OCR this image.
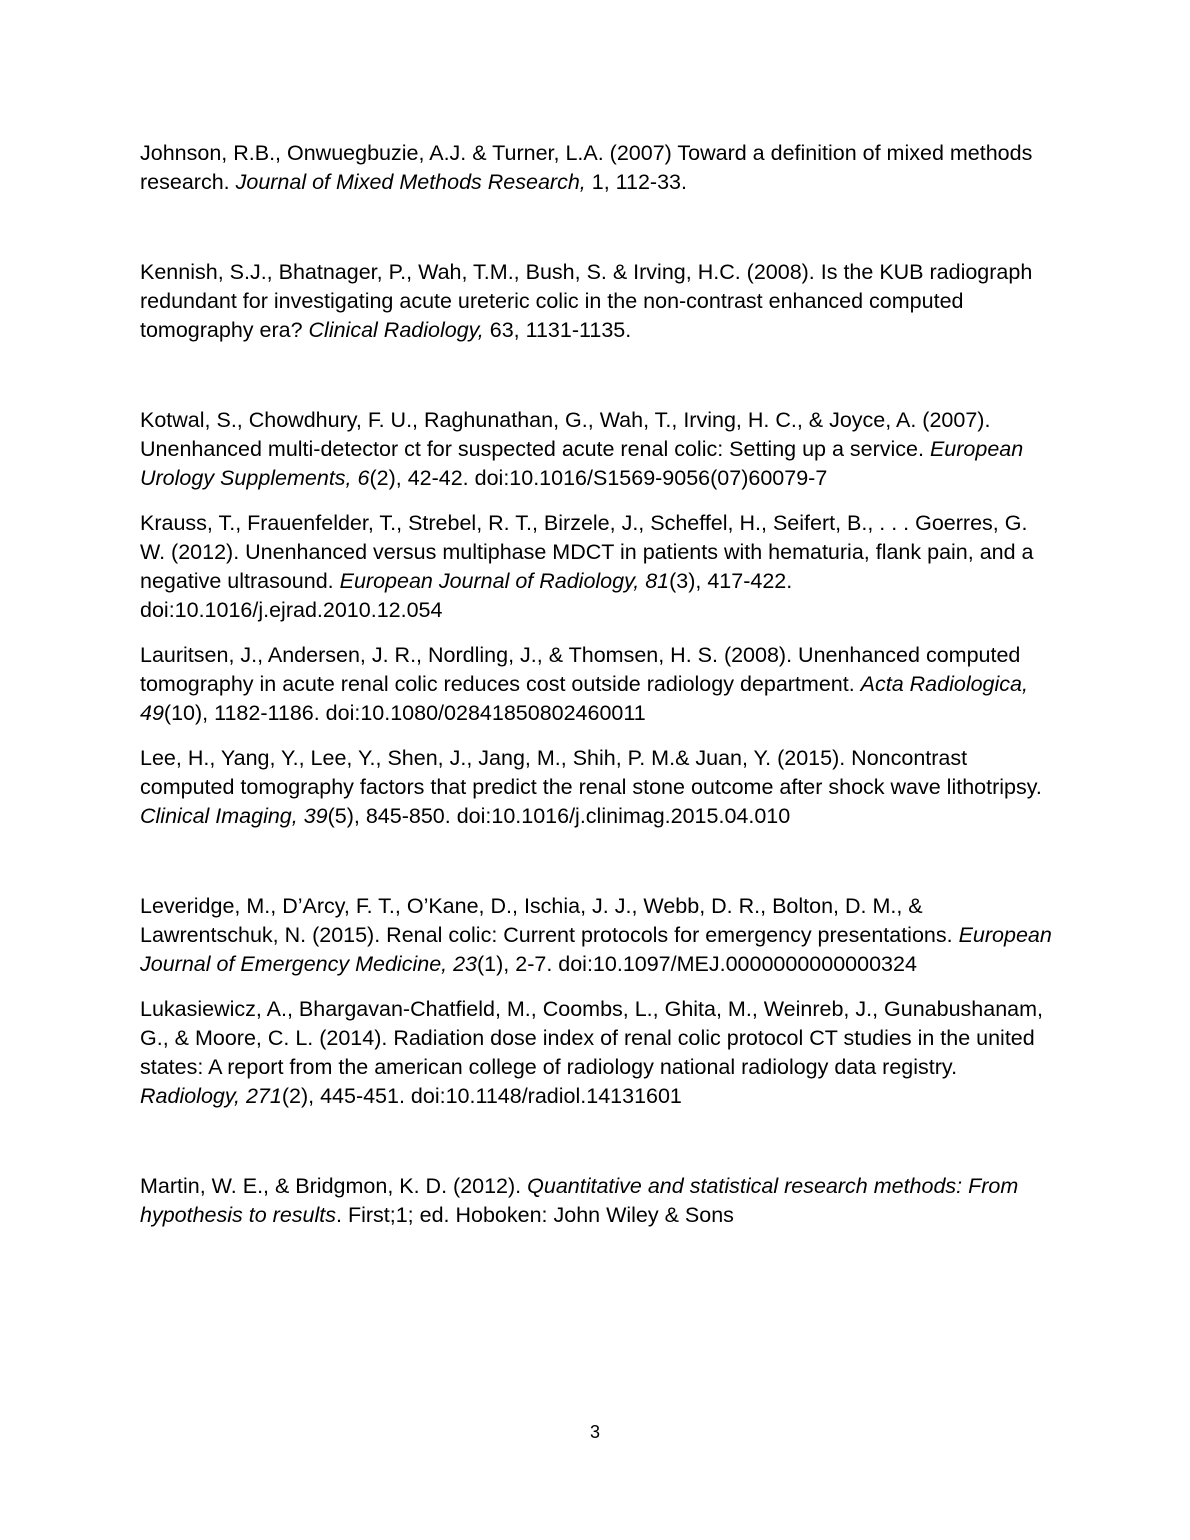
Johnson, R.B., Onwuegbuzie, A.J. & Turner, L.A. (2007) Toward a definition of mixed methods research. Journal of Mixed Methods Research, 1, 112-33.

Kennish, S.J., Bhatnager, P., Wah, T.M., Bush, S. & Irving, H.C. (2008). Is the KUB radiograph redundant for investigating acute ureteric colic in the non-contrast enhanced computed tomography era? Clinical Radiology, 63, 1131-1135.

Kotwal, S., Chowdhury, F. U., Raghunathan, G., Wah, T., Irving, H. C., & Joyce, A. (2007). Unenhanced multi-detector ct for suspected acute renal colic: Setting up a service. European Urology Supplements, 6(2), 42-42. doi:10.1016/S1569-9056(07)60079-7

Krauss, T., Frauenfelder, T., Strebel, R. T., Birzele, J., Scheffel, H., Seifert, B., . . . Goerres, G. W. (2012). Unenhanced versus multiphase MDCT in patients with hematuria, flank pain, and a negative ultrasound. European Journal of Radiology, 81(3), 417-422. doi:10.1016/j.ejrad.2010.12.054

Lauritsen, J., Andersen, J. R., Nordling, J., & Thomsen, H. S. (2008). Unenhanced computed tomography in acute renal colic reduces cost outside radiology department. Acta Radiologica, 49(10), 1182-1186. doi:10.1080/02841850802460011

Lee, H., Yang, Y., Lee, Y., Shen, J., Jang, M., Shih, P. M.& Juan, Y. (2015). Noncontrast computed tomography factors that predict the renal stone outcome after shock wave lithotripsy. Clinical Imaging, 39(5), 845-850. doi:10.1016/j.clinimag.2015.04.010

Leveridge, M., D’Arcy, F. T., O’Kane, D., Ischia, J. J., Webb, D. R., Bolton, D. M., & Lawrentschuk, N. (2015). Renal colic: Current protocols for emergency presentations. European Journal of Emergency Medicine, 23(1), 2-7. doi:10.1097/MEJ.0000000000000324

Lukasiewicz, A., Bhargavan-Chatfield, M., Coombs, L., Ghita, M., Weinreb, J., Gunabushanam, G., & Moore, C. L. (2014). Radiation dose index of renal colic protocol CT studies in the united states: A report from the american college of radiology national radiology data registry. Radiology, 271(2), 445-451. doi:10.1148/radiol.14131601

Martin, W. E., & Bridgmon, K. D. (2012). Quantitative and statistical research methods: From hypothesis to results. First;1; ed. Hoboken: John Wiley & Sons

3
